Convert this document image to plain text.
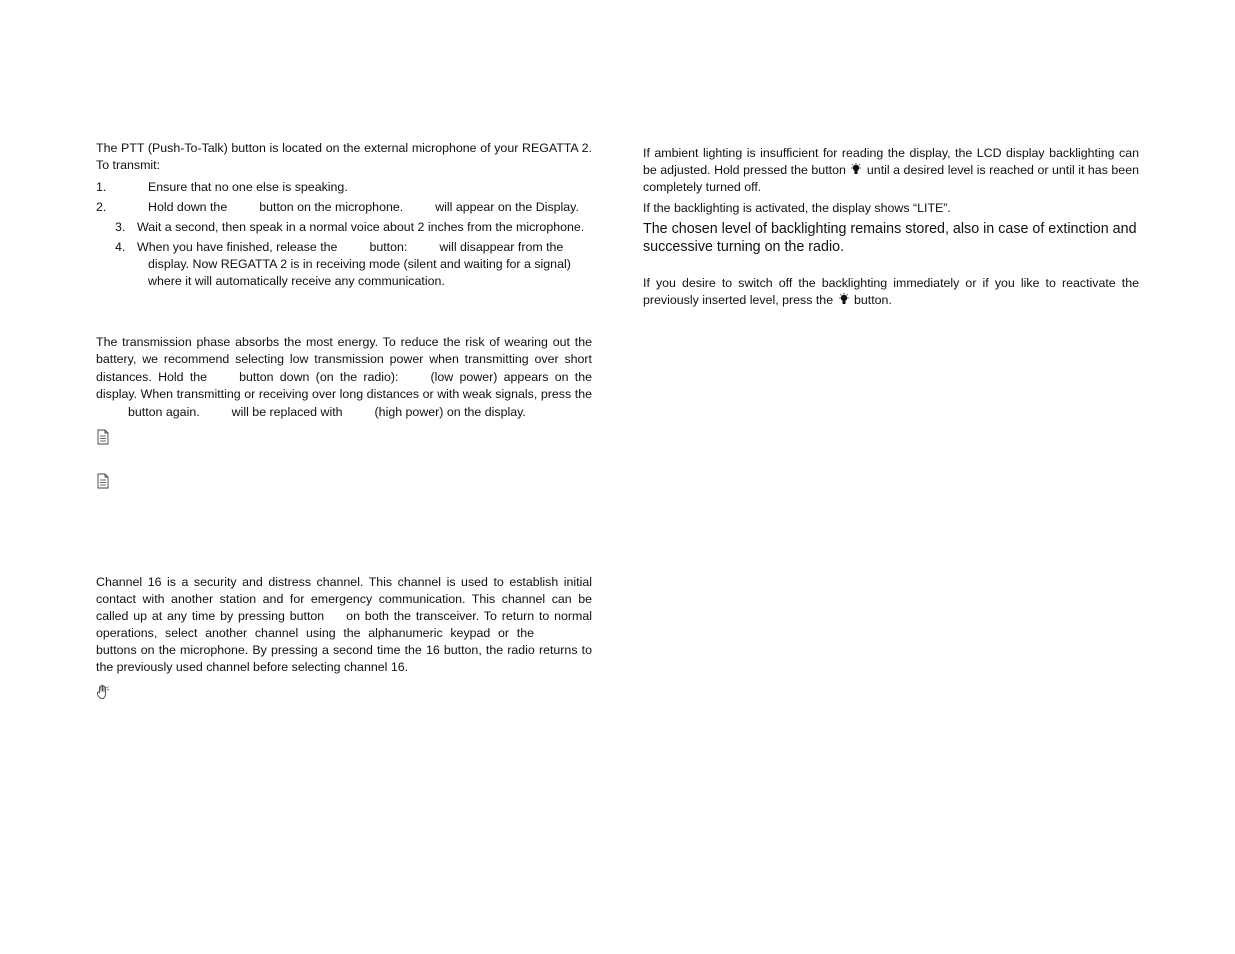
The PTT (Push-To-Talk) button is located on the external microphone of your REGATTA 2. To transmit:

1.	Ensure that no one else is speaking.
2.	Hold down the	button on the microphone.	will appear on the Display.
3. Wait a second, then speak in a normal voice about 2 inches from the microphone.
4. When you have finished, release the	button:	will disappear from the display. Now REGATTA 2 is in receiving mode (silent and waiting for a signal) where it will automatically receive any communication.

The transmission phase absorbs the most energy. To reduce the risk of wearing out the battery, we recommend selecting low transmission power when transmitting over short distances. Hold the	button down (on the radio):	(low power) appears on the display. When transmitting or receiving over long distances or with weak signals, press thebutton again.	will be replaced with	(high power) on the display.

Channel 16 is a security and distress channel. This channel is used to establish initial contact with another station and for emergency communication. This channel can be called up at any time by pressing button on both the transceiver. To return to normal operations, select another channel using the alphanumeric keypad or thebuttons on the microphone. By pressing a second time the 16 button, the radio returns to the previously used channel before selecting channel 16.

If ambient lighting is insufficient for reading the display, the LCD display backlighting can be adjusted. Hold pressed the button until a desired level is reached or until it has been completely turned off.

If the backlighting is activated, the display shows “LITE”.

The chosen level of backlighting remains stored, also in case of extinction and successive turning on the radio.

If you desire to switch off the backlighting immediately or if you like to reactivate the previously inserted level, press the button.
